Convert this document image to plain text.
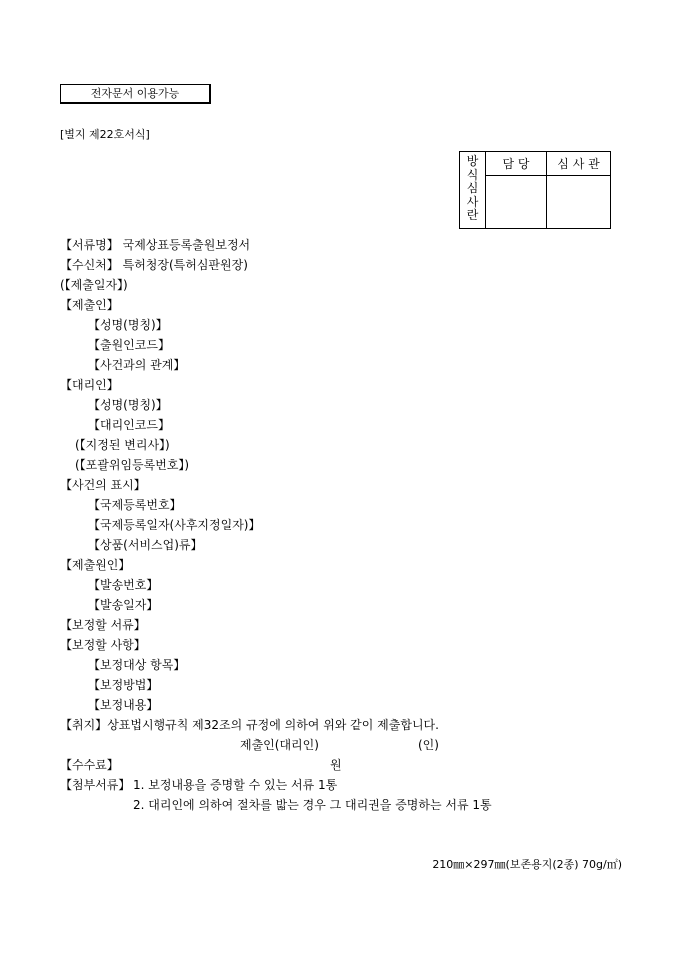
전자문서 이용가능
[별지 제22호서식]
방식심사란	담 당	심 사 관

【서류명】 국제상표등록출원보정서
【수신처】 특허청장(특허심판원장)
(【제출일자】)
【제출인】
【성명(명칭)】
【출원인코드】
【사건과의 관계】
【대리인】
【성명(명칭)】
【대리인코드】
(【지정된 변리사】)
(【포괄위임등록번호】)
【사건의 표시】
【국제등록번호】
【국제등록일자(사후지정일자)】
【상품(서비스업)류】
【제출원인】
【발송번호】
【발송일자】
【보정할 서류】
【보정할 사항】
【보정대상 항목】
【보정방법】
【보정내용】
【취지】상표법시행규칙 제32조의 규정에 의하여 위와 같이 제출합니다.
제출인(대리인)	(인)
【수수료】	원
【첨부서류】 1. 보정내용을 증명할 수 있는 서류 1통
2. 대리인에 의하여 절차를 밟는 경우 그 대리권을 증명하는 서류 1통
210㎜×297㎜(보존용지(2종) 70g/㎡)
